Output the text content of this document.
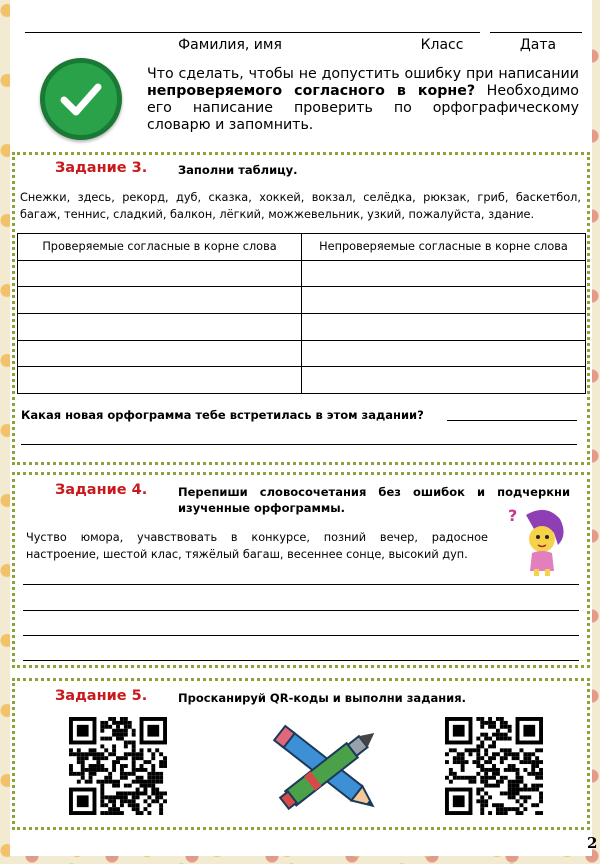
Фамилия, имя	Класс	Дата
Что сделать, чтобы не допустить ошибку при написании непроверяемого согласного в корне? Необходимо его написание проверить по орфографическому словарю и запомнить.
Задание 3.	Заполни таблицу.
Снежки, здесь, рекорд, дуб, сказка, хоккей, вокзал, селёдка, рюкзак, гриб, баскетбол, багаж, теннис, сладкий, балкон, лёгкий, можжевельник, узкий, пожалуйста, здание.
Проверяемые согласные в корне слова	Непроверяемые согласные в корне слова

Какая новая орфограмма тебе встретилась в этом задании?
Задание 4.	Перепиши словосочетания без ошибок и подчеркни изученные орфограммы.
Чуство юмора, учавствовать в конкурсе, позний вечер, радосное настроение, шестой клас, тяжёлый багаш, весеннее сонце, высокий дуп.
?
Задание 5.	Просканируй QR-коды и выполни задания.
2
